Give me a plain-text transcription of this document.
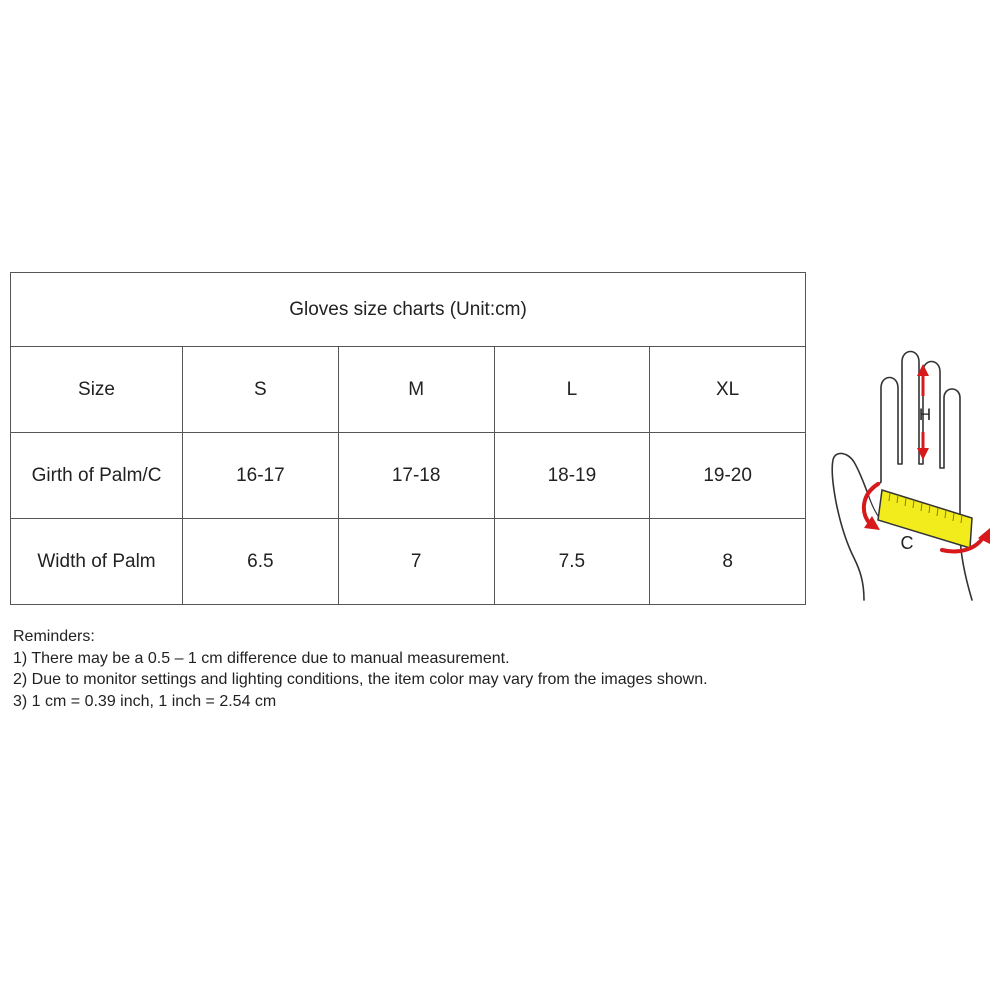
Gloves size charts (Unit:cm)				
Size	S	M	L	XL
Girth of Palm/C	16-17	17-18	18-19	19-20
Width of Palm	6.5	7	7.5	8
H
C
Reminders:
1) There may be a 0.5 – 1 cm difference due to manual measurement.
2) Due to monitor settings and lighting conditions, the item color may vary from the images shown.
3) 1 cm = 0.39 inch, 1 inch = 2.54 cm
